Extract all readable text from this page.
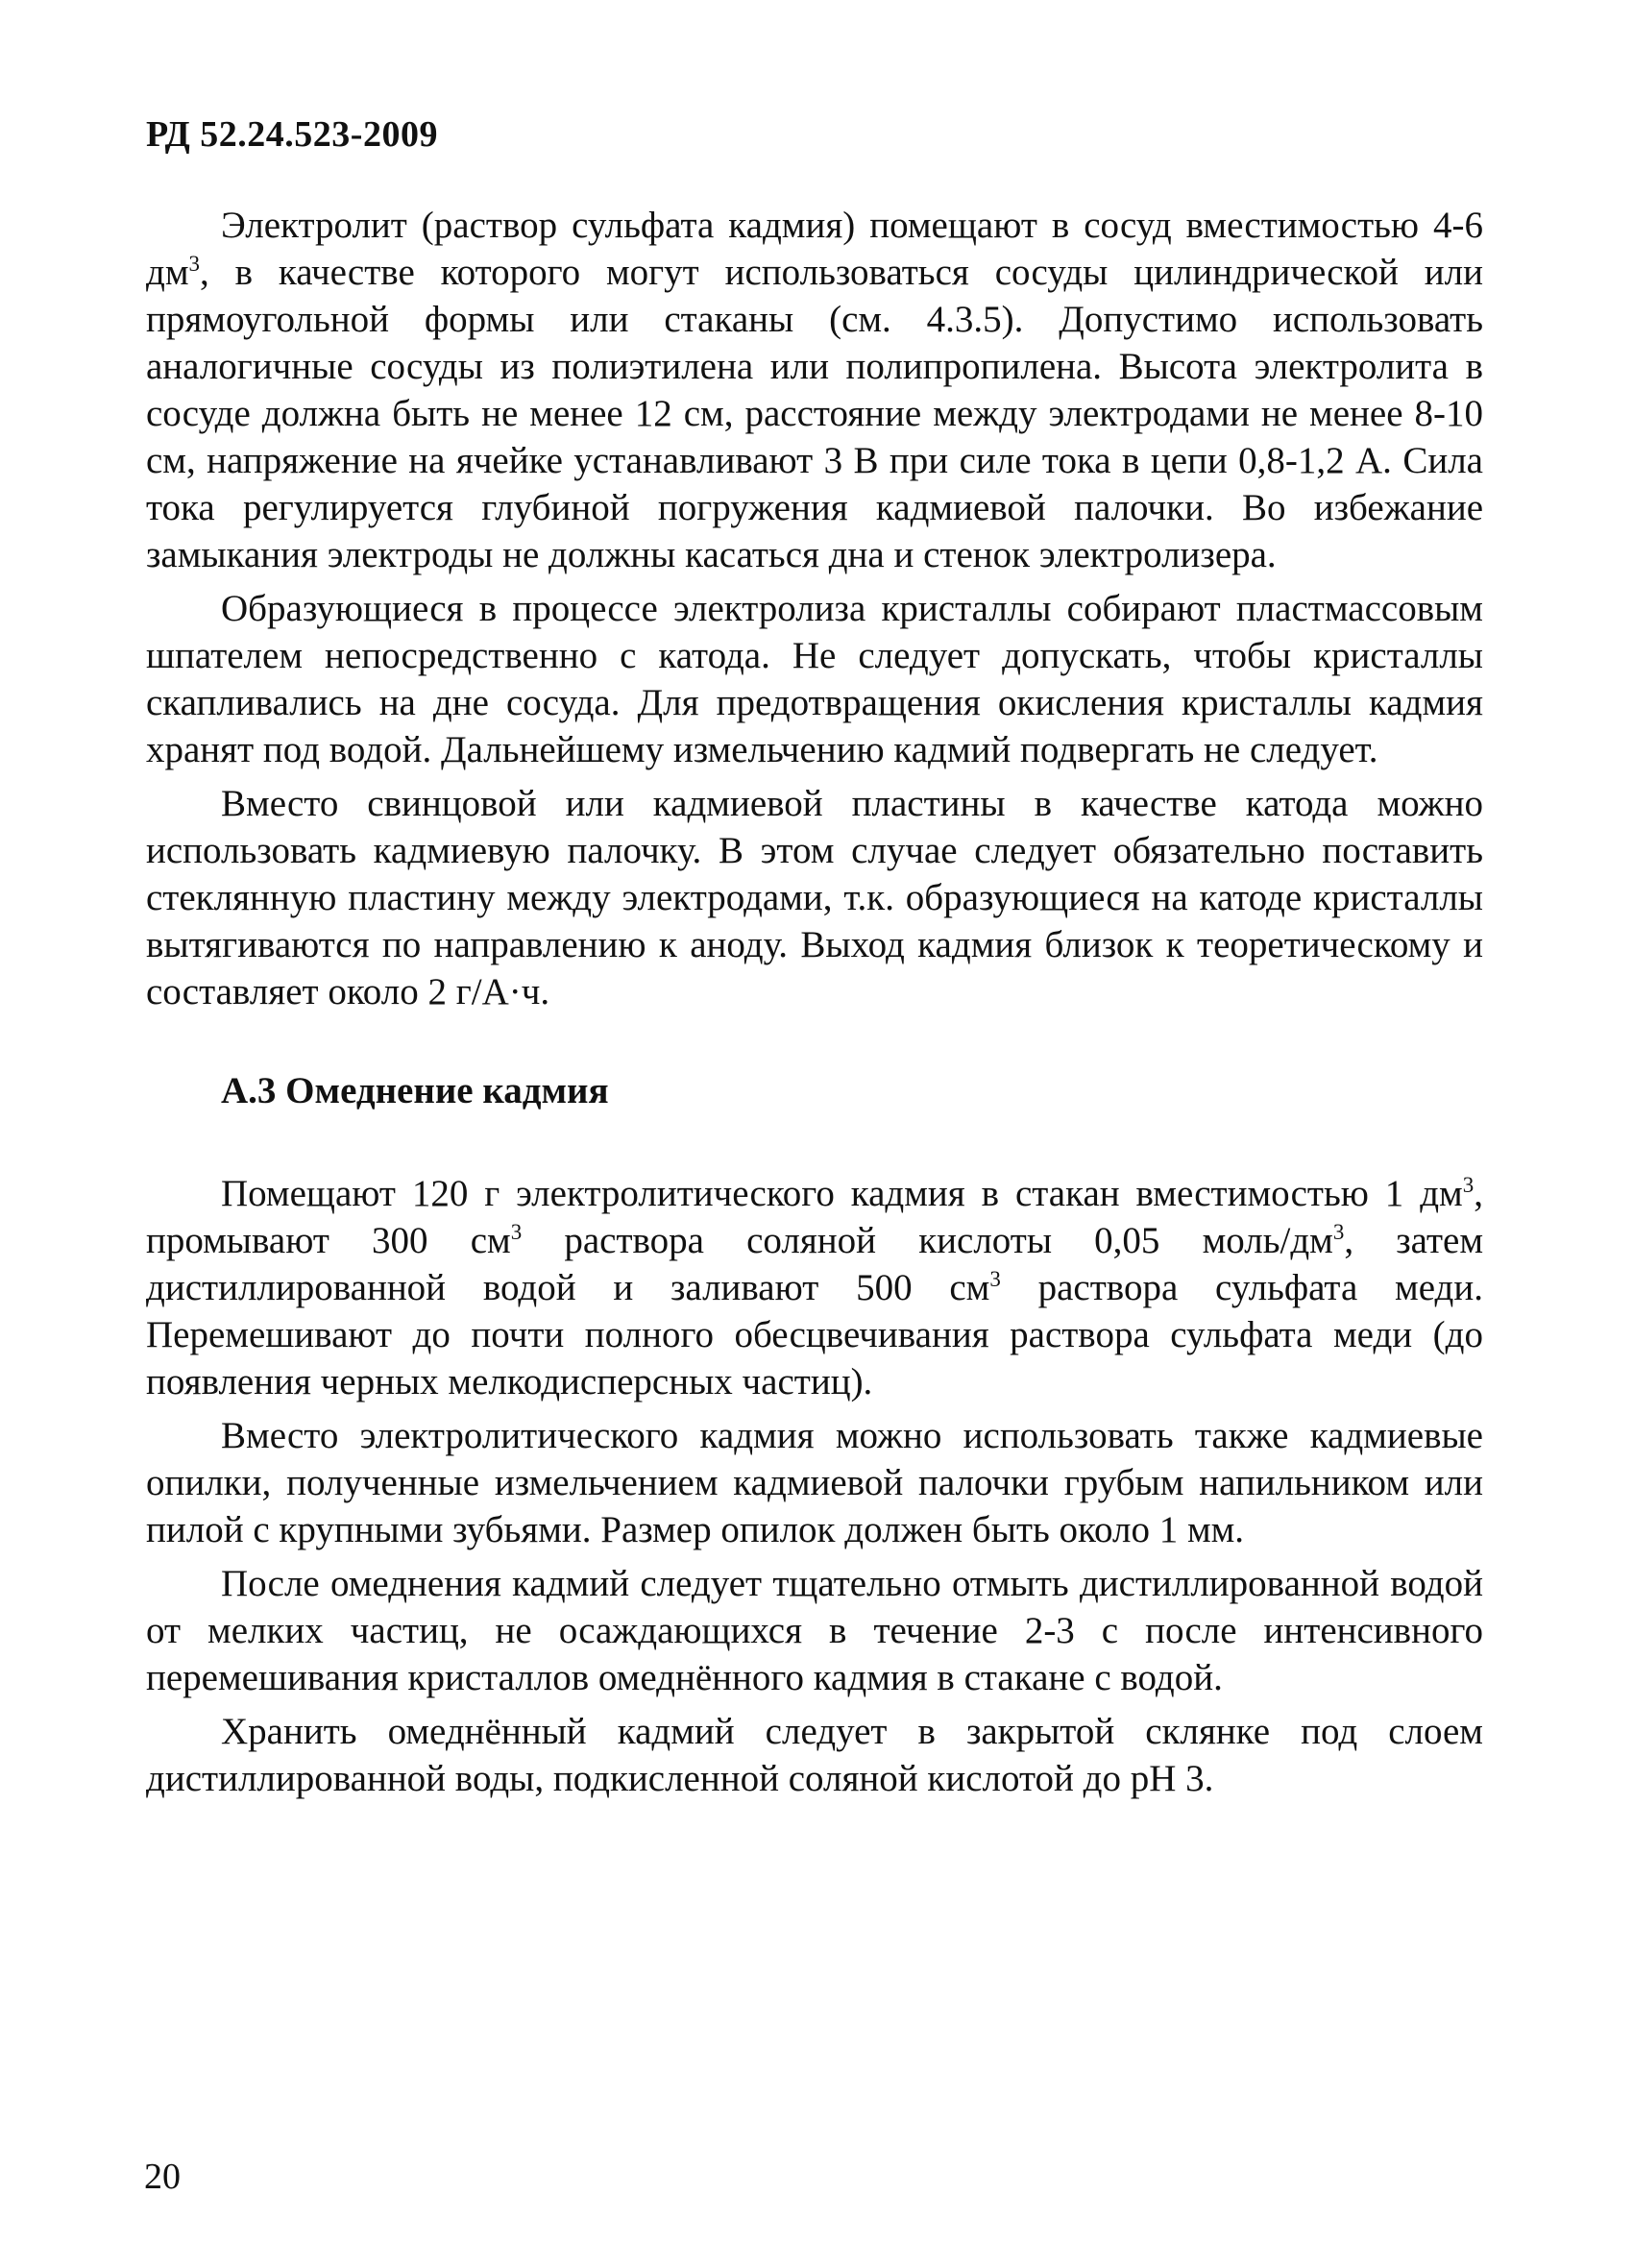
РД 52.24.523-2009

Электролит (раствор сульфата кадмия) помещают в сосуд вместимостью 4-6 $дм^3$, в качестве которого могут использоваться сосуды цилиндрической или прямоугольной формы или стаканы (см. 4.3.5). Допустимо использовать аналогичные сосуды из полиэтилена или полипропилена. Высота электролита в сосуде должна быть не менее 12 см, расстояние между электродами не менее 8-10 см, напряжение на ячейке устанавливают 3 В при силе тока в цепи 0,8-1,2 А. Сила тока регулируется глубиной погружения кадмиевой палочки. Во избежание замыкания электроды не должны касаться дна и стенок электролизера.

Образующиеся в процессе электролиза кристаллы собирают пластмассовым шпателем непосредственно с катода. Не следует допускать, чтобы кристаллы скапливались на дне сосуда. Для предотвращения окисления кристаллы кадмия хранят под водой. Дальнейшему измельчению кадмий подвергать не следует.

Вместо свинцовой или кадмиевой пластины в качестве катода можно использовать кадмиевую палочку. В этом случае следует обязательно поставить стеклянную пластину между электродами, т.к. образующиеся на катоде кристаллы вытягиваются по направлению к аноду. Выход кадмия близок к теоретическому и составляет около 2 г/А·ч.

А.3 Омеднение кадмия

Помещают 120 г электролитического кадмия в стакан вместимостью 1 $дм^3$, промывают 300 $см^3$ раствора соляной кислоты 0,05 моль/$дм^3$, затем дистиллированной водой и заливают 500 $см^3$ раствора сульфата меди. Перемешивают до почти полного обесцвечивания раствора сульфата меди (до появления черных мелкодисперсных частиц).

Вместо электролитического кадмия можно использовать также кадмиевые опилки, полученные измельчением кадмиевой палочки грубым напильником или пилой с крупными зубьями. Размер опилок должен быть около 1 мм.

После омеднения кадмий следует тщательно отмыть дистиллированной водой от мелких частиц, не осаждающихся в течение 2-3 с после интенсивного перемешивания кристаллов омеднённого кадмия в стакане с водой.

Хранить омеднённый кадмий следует в закрытой склянке под слоем дистиллированной воды, подкисленной соляной кислотой до pH 3.

20
